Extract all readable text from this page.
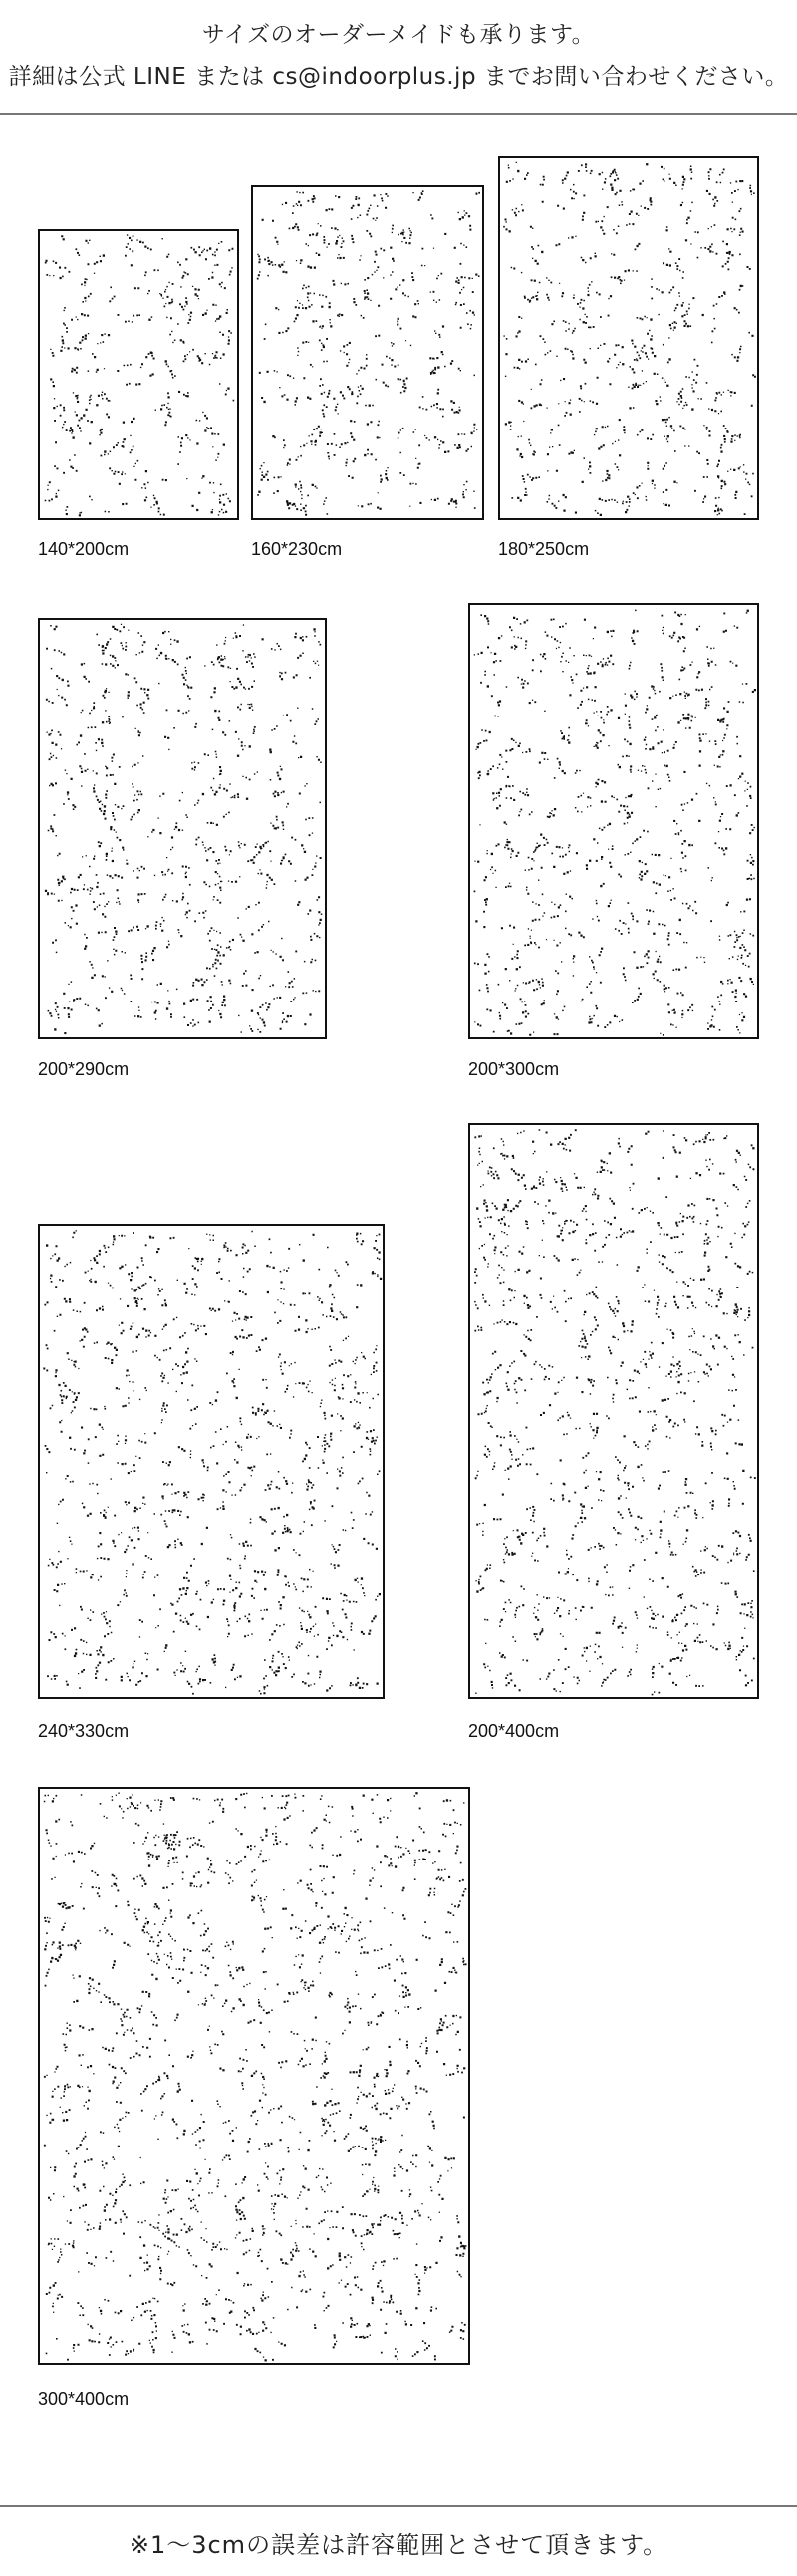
サイズのオーダーメイドも承ります。
詳細は公式 LINE または cs@indoorplus.jp までお問い合わせください。
140*200cm	160*230cm	180*250cm
200*290cm	200*300cm
240*330cm	200*400cm
300*400cm
※1～3cmの誤差は許容範囲とさせて頂きます。
